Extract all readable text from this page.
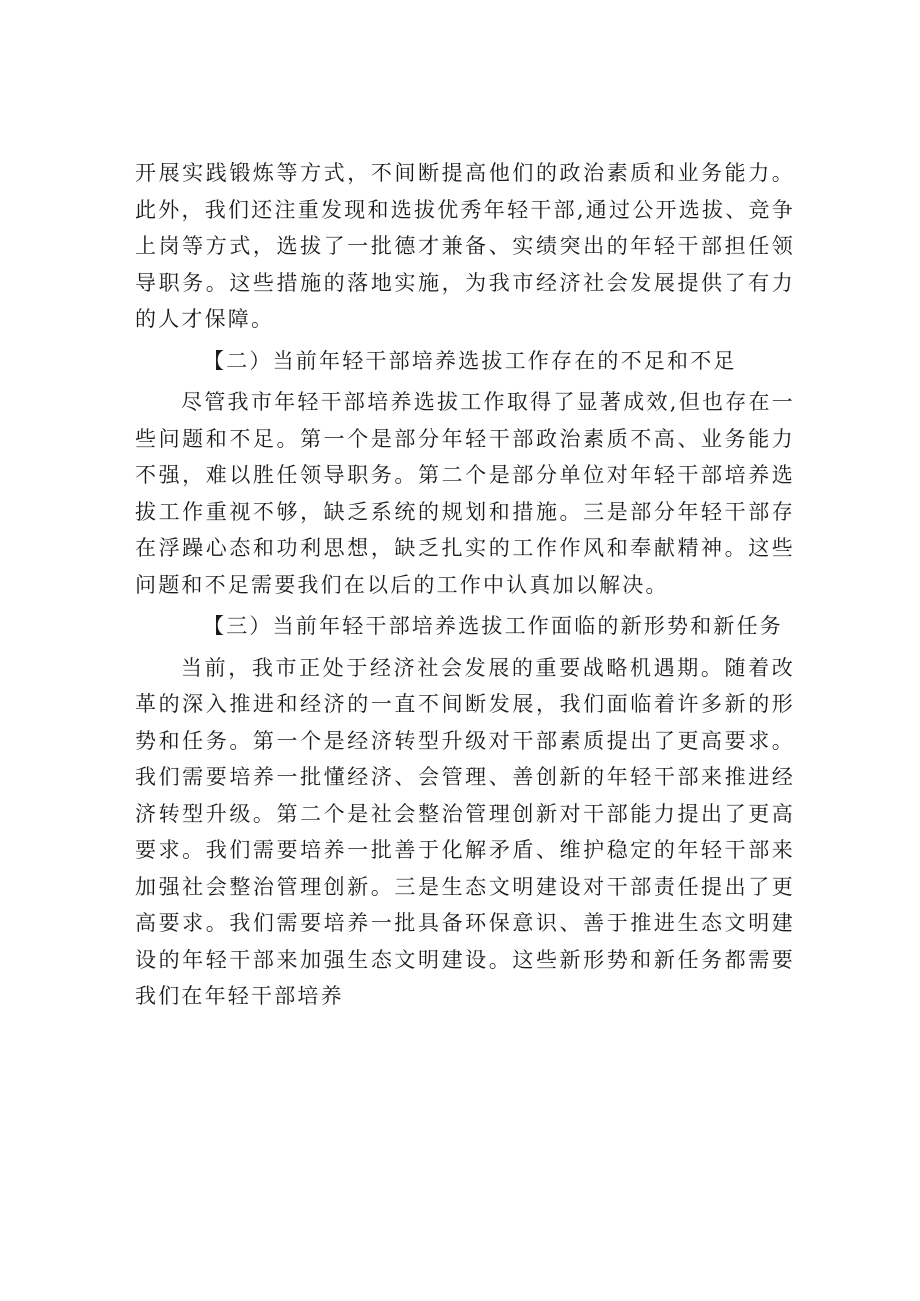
开展实践锻炼等方式，不间断提高他们的政治素质和业务能力。此外，我们还注重发现和选拔优秀年轻干部,通过公开选拔、竞争上岗等方式，选拔了一批德才兼备、实绩突出的年轻干部担任领导职务。这些措施的落地实施，为我市经济社会发展提供了有力的人才保障。

【二）当前年轻干部培养选拔工作存在的不足和不足

尽管我市年轻干部培养选拔工作取得了显著成效,但也存在一些问题和不足。第一个是部分年轻干部政治素质不高、业务能力不强，难以胜任领导职务。第二个是部分单位对年轻干部培养选拔工作重视不够，缺乏系统的规划和措施。三是部分年轻干部存在浮躁心态和功利思想，缺乏扎实的工作作风和奉献精神。这些问题和不足需要我们在以后的工作中认真加以解决。

【三）当前年轻干部培养选拔工作面临的新形势和新任务

当前，我市正处于经济社会发展的重要战略机遇期。随着改革的深入推进和经济的一直不间断发展，我们面临着许多新的形势和任务。第一个是经济转型升级对干部素质提出了更高要求。我们需要培养一批懂经济、会管理、善创新的年轻干部来推进经济转型升级。第二个是社会整治管理创新对干部能力提出了更高要求。我们需要培养一批善于化解矛盾、维护稳定的年轻干部来加强社会整治管理创新。三是生态文明建设对干部责任提出了更高要求。我们需要培养一批具备环保意识、善于推进生态文明建设的年轻干部来加强生态文明建设。这些新形势和新任务都需要我们在年轻干部培养
